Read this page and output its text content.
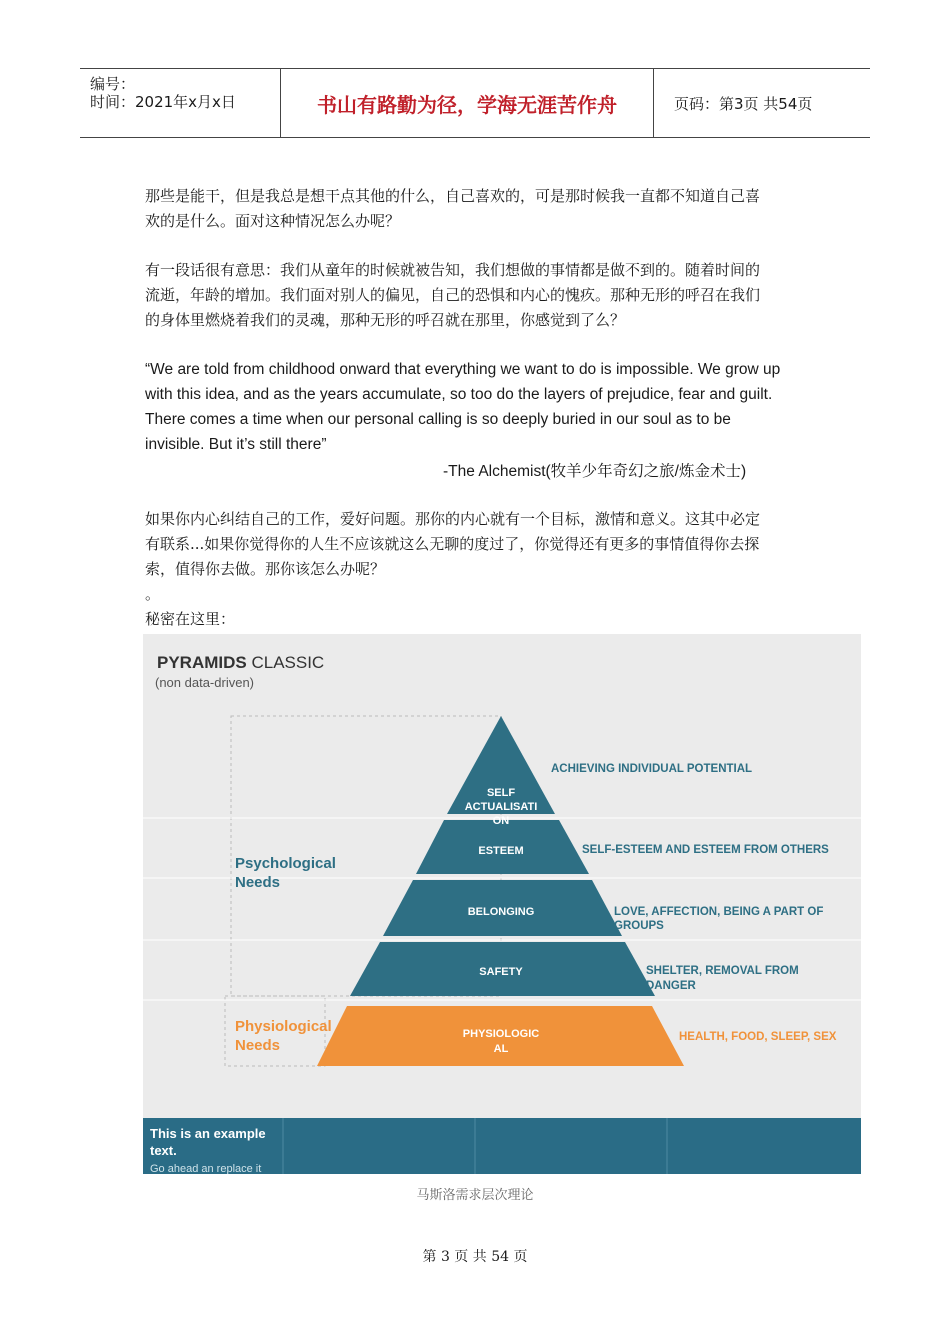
编号：
时间：2021年x月x日	书山有路勤为径，学海无涯苦作舟	页码：第3页 共54页
那些是能干，但是我总是想干点其他的什么，自己喜欢的，可是那时候我一直都不知道自己喜
欢的是什么。面对这种情况怎么办呢？
有一段话很有意思：我们从童年的时候就被告知，我们想做的事情都是做不到的。随着时间的
流逝，年龄的增加。我们面对别人的偏见，自己的恐惧和内心的愧疚。那种无形的呼召在我们
的身体里燃烧着我们的灵魂，那种无形的呼召就在那里，你感觉到了么？
“We are told from childhood onward that everything we want to do is impossible. We grow up
with this idea, and as the years accumulate, so too do the layers of prejudice, fear and guilt.
There comes a time when our personal calling is so deeply buried in our soul as to be
invisible. But it’s still there”
-The Alchemist(牧羊少年奇幻之旅/炼金术士)
如果你内心纠结自己的工作，爱好问题。那你的内心就有一个目标，激情和意义。这其中必定
有联系...如果你觉得你的人生不应该就这么无聊的度过了，你觉得还有更多的事情值得你去探
索，值得你去做。那你该怎么办呢？
。
秘密在这里：
PYRAMIDS CLASSIC
(non data-driven)
Psychological
Needs
Physiological
Needs
SELF
ACTUALISATI
ON
ESTEEM
BELONGING
SAFETY
PHYSIOLOGIC
AL
ACHIEVING INDIVIDUAL POTENTIAL
SELF-ESTEEM AND ESTEEM FROM OTHERS
LOVE, AFFECTION, BEING A PART OF
GROUPS
SHELTER, REMOVAL FROM
DANGER
HEALTH, FOOD, SLEEP, SEX
This is an example
text.
Go ahead an replace it
马斯洛需求层次理论
第 3 页 共 54 页
